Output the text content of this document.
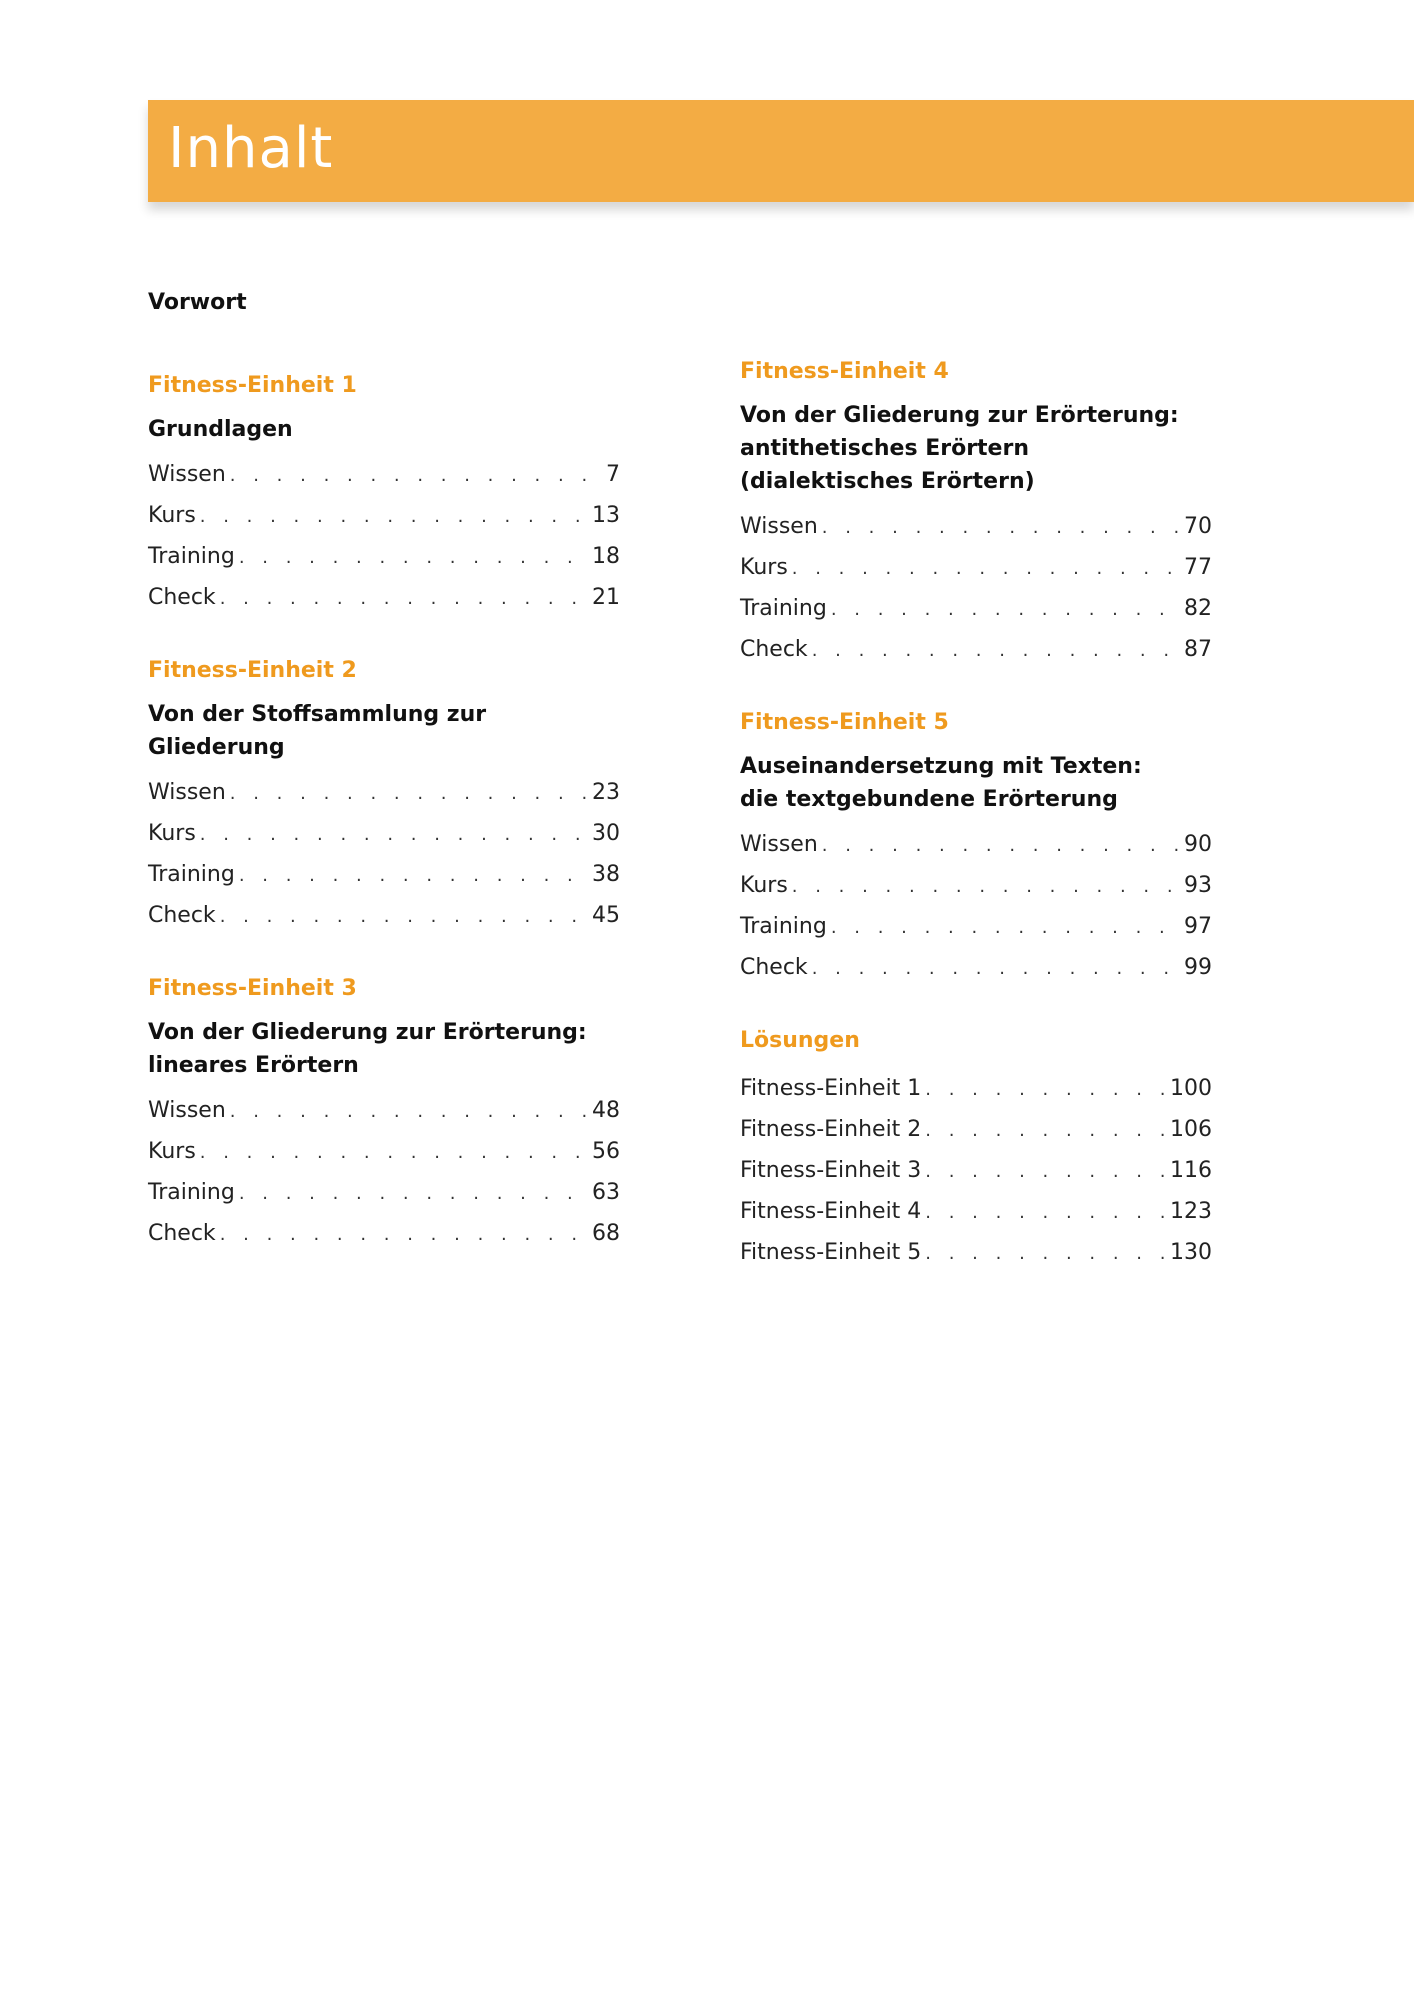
Inhalt
Vorwort
Fitness-Einheit 1
Grundlagen
Wissen . . .	7
Kurs . . .	13
Training . . .	18
Check . . .	21
Fitness-Einheit 2
Von der Stoffsammlung zur Gliederung
Wissen . . .	23
Kurs . . .	30
Training . . .	38
Check . . .	45
Fitness-Einheit 3
Von der Gliederung zur Erörterung:
lineares Erörtern
Wissen . . .	48
Kurs . . .	56
Training . . .	63
Check . . .	68
Fitness-Einheit 4
Von der Gliederung zur Erörterung:
antithetisches Erörtern
(dialektisches Erörtern)
Wissen . . .	70
Kurs . . .	77
Training . . .	82
Check . . .	87
Fitness-Einheit 5
Auseinandersetzung mit Texten:
die textgebundene Erörterung
Wissen . . .	90
Kurs . . .	93
Training . . .	97
Check . . .	99
Lösungen
Fitness-Einheit 1 . . .	100
Fitness-Einheit 2 . . .	106
Fitness-Einheit 3 . . .	116
Fitness-Einheit 4 . . .	123
Fitness-Einheit 5 . . .	130
